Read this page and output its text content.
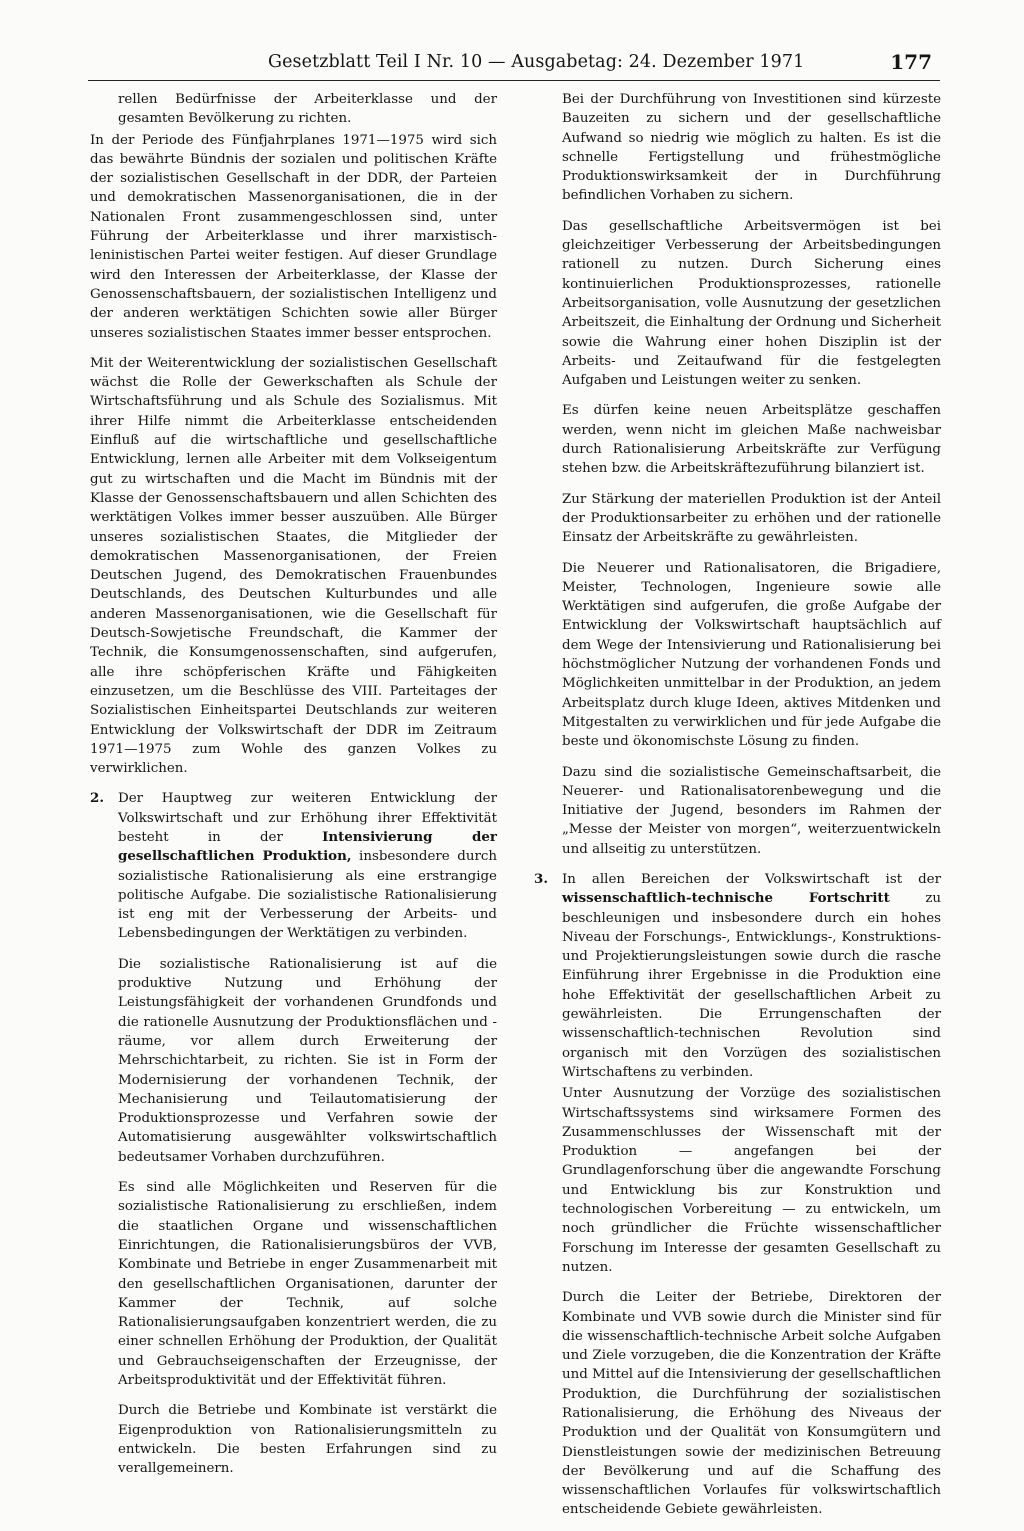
Gesetzblatt Teil I Nr. 10 — Ausgabetag: 24. Dezember 1971	177

rellen Bedürfnisse der Arbeiterklasse und der gesamten Bevölkerung zu richten.

In der Periode des Fünfjahrplanes 1971—1975 wird sich das bewährte Bündnis der sozialen und politischen Kräfte der sozialistischen Gesellschaft in der DDR, der Parteien und demokratischen Massenorganisationen, die in der Nationalen Front zusammengeschlossen sind, unter Führung der Arbeiterklasse und ihrer marxistisch-leninistischen Partei weiter festigen. Auf dieser Grundlage wird den Interessen der Arbeiterklasse, der Klasse der Genossenschaftsbauern, der sozialistischen Intelligenz und der anderen werktätigen Schichten sowie aller Bürger unseres sozialistischen Staates immer besser entsprochen.

Mit der Weiterentwicklung der sozialistischen Gesellschaft wächst die Rolle der Gewerkschaften als Schule der Wirtschaftsführung und als Schule des Sozialismus. Mit ihrer Hilfe nimmt die Arbeiterklasse entscheidenden Einfluß auf die wirtschaftliche und gesellschaftliche Entwicklung, lernen alle Arbeiter mit dem Volkseigentum gut zu wirtschaften und die Macht im Bündnis mit der Klasse der Genossenschaftsbauern und allen Schichten des werktätigen Volkes immer besser auszuüben. Alle Bürger unseres sozialistischen Staates, die Mitglieder der demokratischen Massenorganisationen, der Freien Deutschen Jugend, des Demokratischen Frauenbundes Deutschlands, des Deutschen Kulturbundes und alle anderen Massenorganisationen, wie die Gesellschaft für Deutsch-Sowjetische Freundschaft, die Kammer der Technik, die Konsumgenossenschaften, sind aufgerufen, alle ihre schöpferischen Kräfte und Fähigkeiten einzusetzen, um die Beschlüsse des VIII. Parteitages der Sozialistischen Einheitspartei Deutschlands zur weiteren Entwicklung der Volkswirtschaft der DDR im Zeitraum 1971—1975 zum Wohle des ganzen Volkes zu verwirklichen.

2. Der Hauptweg zur weiteren Entwicklung der Volkswirtschaft und zur Erhöhung ihrer Effektivität besteht in der	Intensivierung der gesellschaftlichen Produktion, insbesondere durch sozialistische Rationalisierung als eine erstrangige politische Aufgabe. Die sozialistische Rationalisierung ist eng mit der Verbesserung der Arbeits- und Lebensbedingungen der Werktätigen zu verbinden.

Die sozialistische Rationalisierung ist auf die produktive Nutzung und Erhöhung der Leistungsfähigkeit der vorhandenen Grundfonds und die rationelle Ausnutzung der Produktionsflächen und -räume, vor allem durch Erweiterung der Mehrschichtarbeit, zu richten. Sie ist in Form der Modernisierung der vorhandenen Technik, der Mechanisierung und Teilautomatisierung der Produktionsprozesse und Verfahren sowie der Automatisierung ausgewählter volkswirtschaftlich bedeutsamer Vorhaben durchzuführen.

Es sind alle Möglichkeiten und Reserven für die sozialistische Rationalisierung zu erschließen, indem die staatlichen Organe und wissenschaftlichen Einrichtungen, die Rationalisierungsbüros der VVB, Kombinate und Betriebe in enger Zusammenarbeit mit den gesellschaftlichen Organisationen, darunter der Kammer der Technik, auf solche Rationalisierungsaufgaben konzentriert werden, die zu einer schnellen Erhöhung der Produktion, der Qualität und Gebrauchseigenschaften der Erzeugnisse, der Arbeitsproduktivität und der Effektivität führen.

Durch die Betriebe und Kombinate ist verstärkt die Eigenproduktion von Rationalisierungsmitteln zu entwickeln. Die besten Erfahrungen sind zu verallgemeinern.

Bei der Durchführung von Investitionen sind kürzeste Bauzeiten zu sichern und der gesellschaftliche Aufwand so niedrig wie möglich zu halten. Es ist die schnelle Fertigstellung und frühestmögliche Produktionswirksamkeit der in Durchführung befindlichen Vorhaben zu sichern.

Das gesellschaftliche Arbeitsvermögen ist bei gleichzeitiger Verbesserung der Arbeitsbedingungen rationell zu nutzen. Durch Sicherung eines kontinuierlichen Produktionsprozesses, rationelle Arbeitsorganisation, volle Ausnutzung der gesetzlichen Arbeitszeit, die Einhaltung der Ordnung und Sicherheit sowie die Wahrung einer hohen Disziplin ist der Arbeits- und Zeitaufwand für die festgelegten Aufgaben und Leistungen weiter zu senken.

Es dürfen keine neuen Arbeitsplätze geschaffen werden, wenn nicht im gleichen Maße nachweisbar durch Rationalisierung Arbeitskräfte zur Verfügung stehen bzw. die Arbeitskräftezuführung bilanziert ist.

Zur Stärkung der materiellen Produktion ist der Anteil der Produktionsarbeiter zu erhöhen und der rationelle Einsatz der Arbeitskräfte zu gewährleisten.

Die Neuerer und Rationalisatoren, die Brigadiere, Meister, Technologen, Ingenieure sowie alle Werktätigen sind aufgerufen, die große Aufgabe der Entwicklung der Volkswirtschaft hauptsächlich auf dem Wege der Intensivierung und Rationalisierung bei höchstmöglicher Nutzung der vorhandenen Fonds und Möglichkeiten unmittelbar in der Produktion, an jedem Arbeitsplatz durch kluge Ideen, aktives Mitdenken und Mitgestalten zu verwirklichen und für jede Aufgabe die beste und ökonomischste Lösung zu finden.

Dazu sind die sozialistische Gemeinschaftsarbeit, die Neuerer- und Rationalisatorenbewegung und die Initiative der Jugend, besonders im Rahmen der „Messe der Meister von morgen“, weiterzuentwickeln und allseitig zu unterstützen.

3. In allen Bereichen der Volkswirtschaft ist der wissenschaftlich-technische Fortschritt	zu beschleunigen und insbesondere durch ein hohes Niveau der Forschungs-, Entwicklungs-, Konstruktions- und Projektierungsleistungen sowie durch die rasche Einführung ihrer Ergebnisse in die Produktion eine hohe Effektivität der gesellschaftlichen Arbeit zu gewährleisten. Die Errungenschaften der wissenschaftlich-technischen Revolution sind organisch mit den Vorzügen des sozialistischen Wirtschaftens zu verbinden.

Unter Ausnutzung der Vorzüge des sozialistischen Wirtschaftssystems sind wirksamere Formen des Zusammenschlusses der Wissenschaft mit der Produktion — angefangen bei der Grundlagenforschung über die angewandte Forschung und Entwicklung bis zur Konstruktion und technologischen Vorbereitung — zu entwickeln, um noch gründlicher die Früchte wissenschaftlicher Forschung im Interesse der gesamten Gesellschaft zu nutzen.

Durch die Leiter der Betriebe, Direktoren der Kombinate und VVB sowie durch die Minister sind für die wissenschaftlich-technische Arbeit solche Aufgaben und Ziele vorzugeben, die die Konzentration der Kräfte und Mittel auf die Intensivierung der gesellschaftlichen Produktion, die Durchführung der sozialistischen Rationalisierung, die Erhöhung des Niveaus der Produktion und der Qualität von Konsumgütern und Dienstleistungen sowie der medizinischen Betreuung der Bevölkerung und auf die Schaffung des wissenschaftlichen Vorlaufes für volkswirtschaftlich entscheidende Gebiete gewährleisten.
